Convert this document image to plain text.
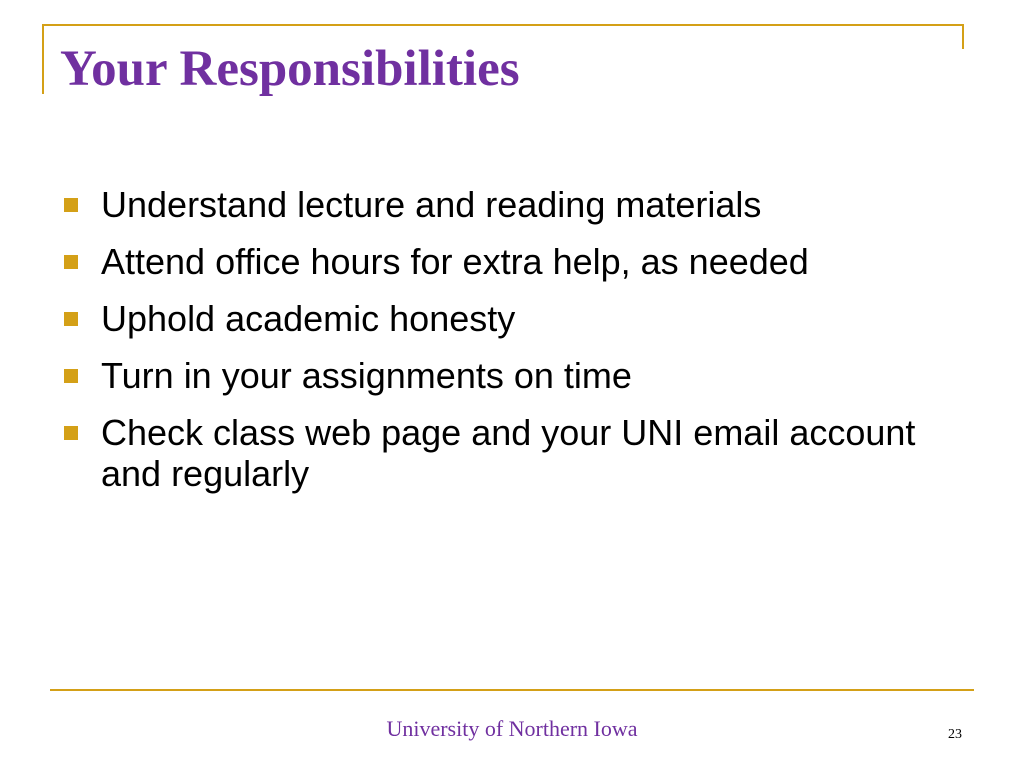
Your Responsibilities
Understand lecture and reading materials
Attend office hours for extra help, as needed
Uphold academic honesty
Turn in your assignments on time
Check class web page and your UNI email account and regularly
University of Northern Iowa	23
